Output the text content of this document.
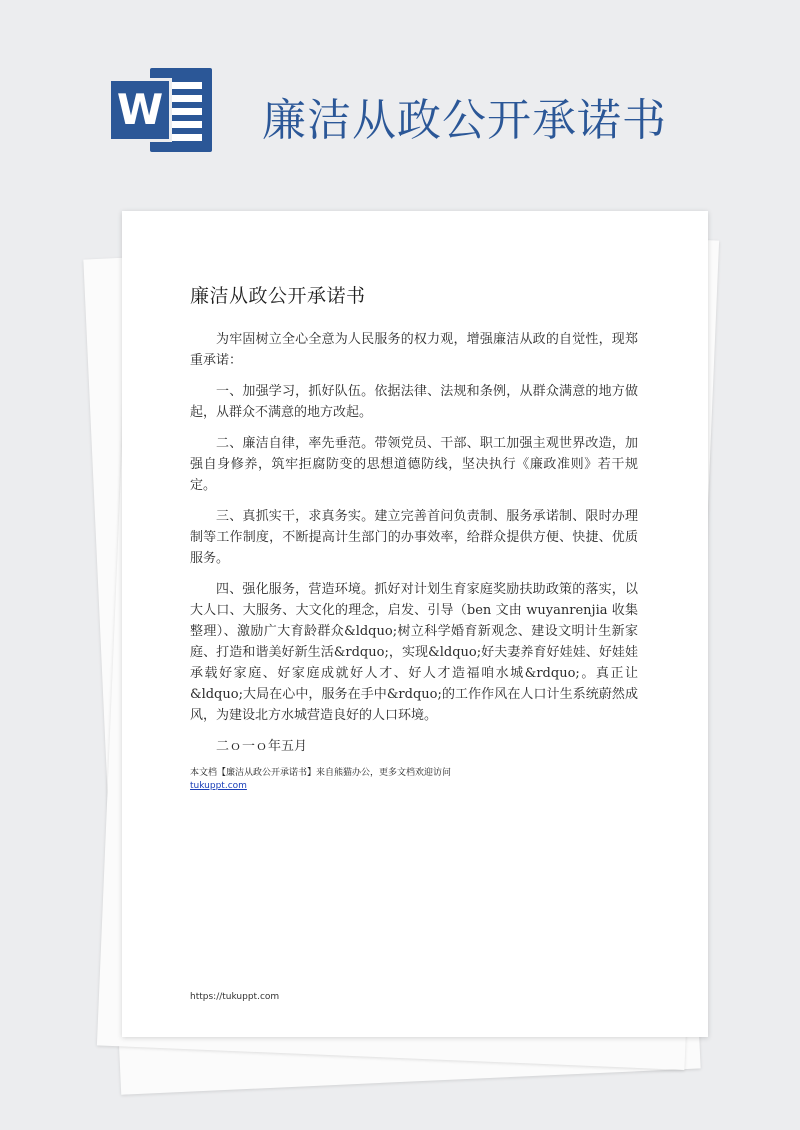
W 廉洁从政公开承诺书
廉洁从政公开承诺书

为牢固树立全心全意为人民服务的权力观，增强廉洁从政的自觉性，现郑重承诺：

一、加强学习，抓好队伍。依据法律、法规和条例，从群众满意的地方做起，从群众不满意的地方改起。

二、廉洁自律，率先垂范。带领党员、干部、职工加强主观世界改造，加强自身修养，筑牢拒腐防变的思想道德防线，坚决执行《廉政准则》若干规定。

三、真抓实干，求真务实。建立完善首问负责制、服务承诺制、限时办理制等工作制度，不断提高计生部门的办事效率，给群众提供方便、快捷、优质服务。

四、强化服务，营造环境。抓好对计划生育家庭奖励扶助政策的落实，以大人口、大服务、大文化的理念，启发、引导（ben 文由 wuyanrenjia 收集整理）、激励广大育龄群众&ldquo;树立科学婚育新观念、建设文明计生新家庭、打造和谐美好新生活&rdquo;，实现&ldquo;好夫妻养育好娃娃、好娃娃承载好家庭、好家庭成就好人才、好人才造福咱水城&rdquo;。真正让&ldquo;大局在心中，服务在手中&rdquo;的工作作风在人口计生系统蔚然成风，为建设北方水城营造良好的人口环境。

二ｏ一ｏ年五月

本文档【廉洁从政公开承诺书】来自熊猫办公，更多文档欢迎访问
tukuppt.com
https://tukuppt.com
